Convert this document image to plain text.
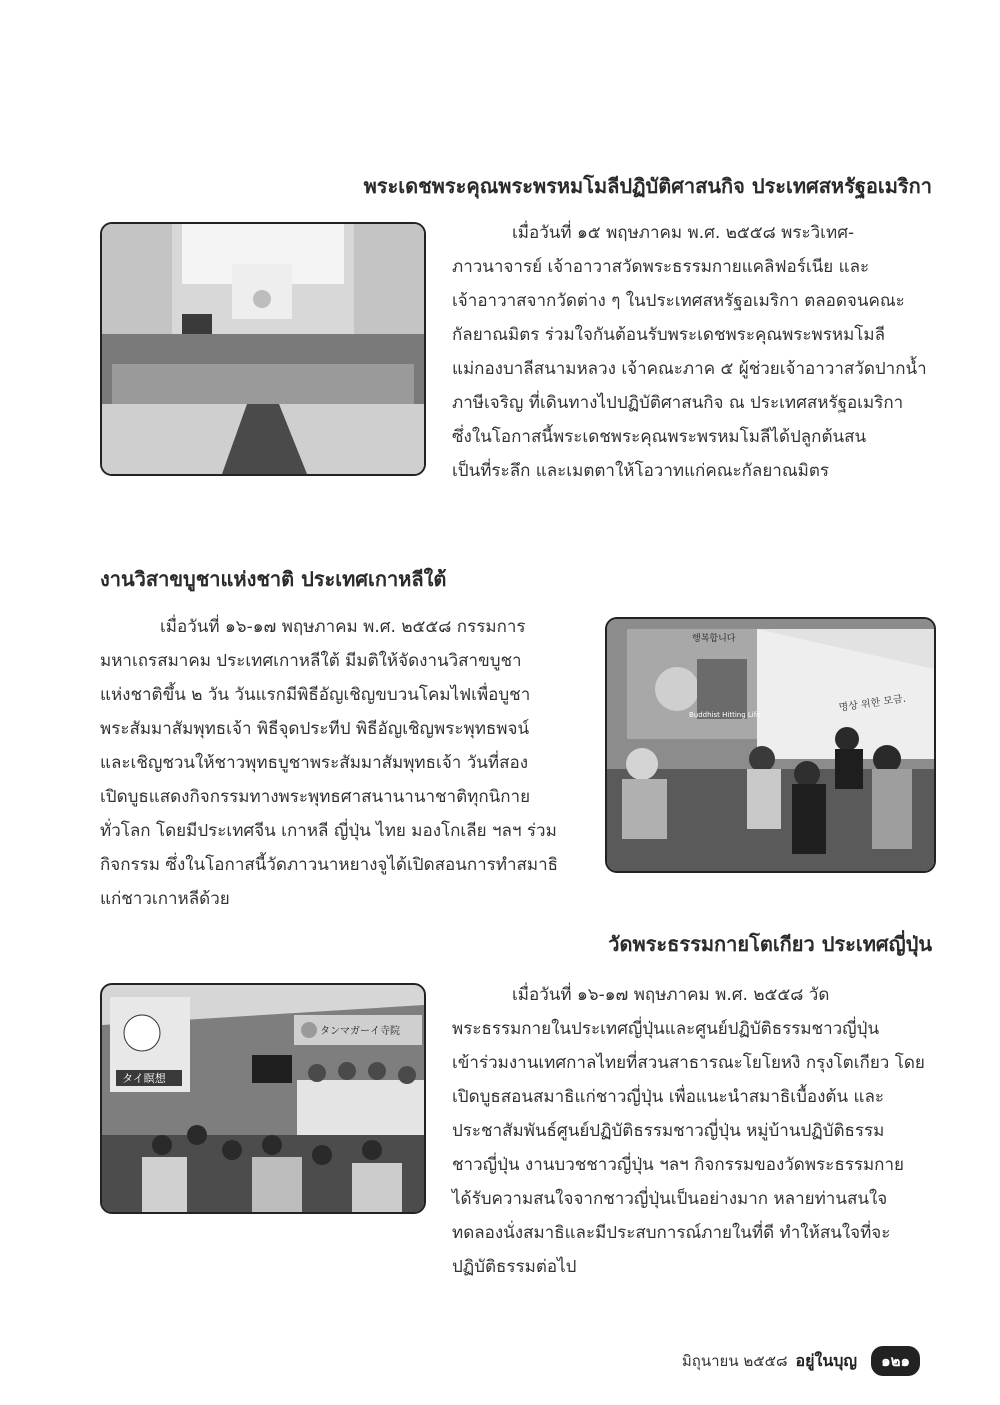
พระเดชพระคุณพระพรหมโมลีปฏิบัติศาสนกิจ ประเทศสหรัฐอเมริกา
เมื่อวันที่ ๑๕ พฤษภาคม พ.ศ. ๒๕๕๘ พระวิเทศ-
ภาวนาจารย์ เจ้าอาวาสวัดพระธรรมกายแคลิฟอร์เนีย และ
เจ้าอาวาสจากวัดต่าง ๆ ในประเทศสหรัฐอเมริกา ตลอดจนคณะ
กัลยาณมิตร ร่วมใจกันต้อนรับพระเดชพระคุณพระพรหมโมลี
แม่กองบาลีสนามหลวง เจ้าคณะภาค ๕ ผู้ช่วยเจ้าอาวาสวัดปากน้ำ
ภาษีเจริญ ที่เดินทางไปปฏิบัติศาสนกิจ ณ ประเทศสหรัฐอเมริกา
ซึ่งในโอกาสนี้พระเดชพระคุณพระพรหมโมลีได้ปลูกต้นสน
เป็นที่ระลึก และเมตตาให้โอวาทแก่คณะกัลยาณมิตร
งานวิสาขบูชาแห่งชาติ ประเทศเกาหลีใต้
เมื่อวันที่ ๑๖-๑๗ พฤษภาคม พ.ศ. ๒๕๕๘ กรรมการ
มหาเถรสมาคม ประเทศเกาหลีใต้ มีมติให้จัดงานวิสาขบูชา
แห่งชาติขึ้น ๒ วัน วันแรกมีพิธีอัญเชิญขบวนโคมไฟเพื่อบูชา
พระสัมมาสัมพุทธเจ้า พิธีจุดประทีป พิธีอัญเชิญพระพุทธพจน์
และเชิญชวนให้ชาวพุทธบูชาพระสัมมาสัมพุทธเจ้า วันที่สอง
เปิดบูธแสดงกิจกรรมทางพระพุทธศาสนานานาชาติทุกนิกาย
ทั่วโลก โดยมีประเทศจีน เกาหลี ญี่ปุ่น ไทย มองโกเลีย ฯลฯ ร่วม
กิจกรรม ซึ่งในโอกาสนี้วัดภาวนาหยางจูได้เปิดสอนการทำสมาธิ
แก่ชาวเกาหลีด้วย
행복합니다
Buddhist Hitting Life
명상 위한 모금.
วัดพระธรรมกายโตเกียว ประเทศญี่ปุ่น
タイ瞑想
タンマガーイ寺院
เมื่อวันที่ ๑๖-๑๗ พฤษภาคม พ.ศ. ๒๕๕๘ วัด
พระธรรมกายในประเทศญี่ปุ่นและศูนย์ปฏิบัติธรรมชาวญี่ปุ่น
เข้าร่วมงานเทศกาลไทยที่สวนสาธารณะโยโยหงิ กรุงโตเกียว โดย
เปิดบูธสอนสมาธิแก่ชาวญี่ปุ่น เพื่อแนะนำสมาธิเบื้องต้น และ
ประชาสัมพันธ์ศูนย์ปฏิบัติธรรมชาวญี่ปุ่น หมู่บ้านปฏิบัติธรรม
ชาวญี่ปุ่น งานบวชชาวญี่ปุ่น ฯลฯ กิจกรรมของวัดพระธรรมกาย
ได้รับความสนใจจากชาวญี่ปุ่นเป็นอย่างมาก หลายท่านสนใจ
ทดลองนั่งสมาธิและมีประสบการณ์ภายในที่ดี ทำให้สนใจที่จะ
ปฏิบัติธรรมต่อไป
มิถุนายน ๒๕๕๘ อยู่ในบุญ	๑๒๑
